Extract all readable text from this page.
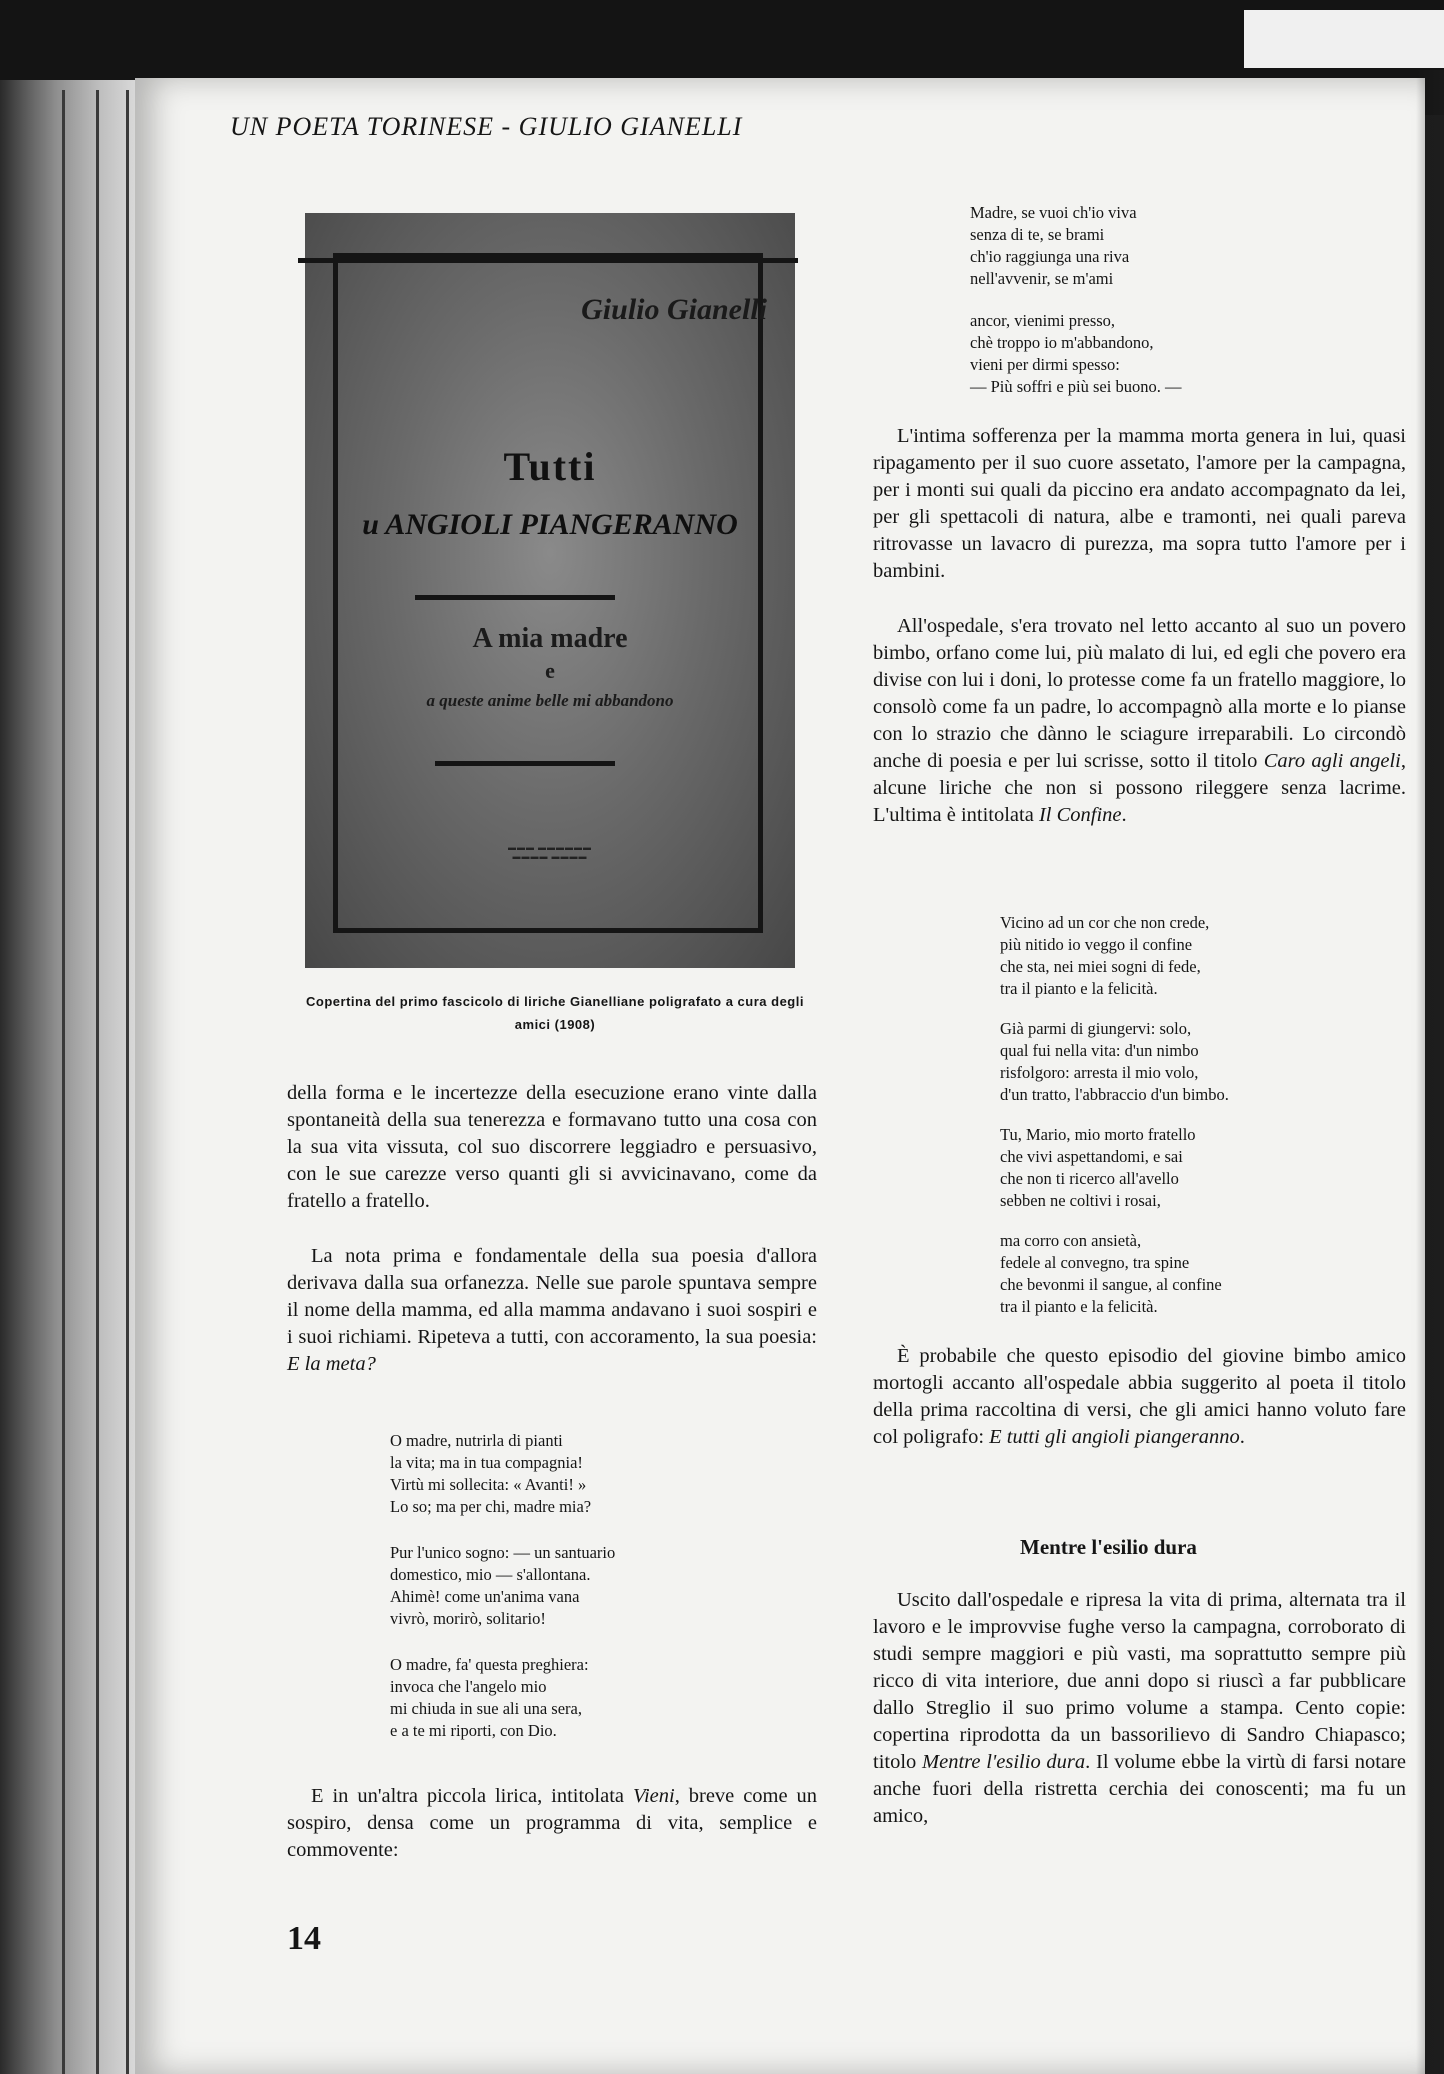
UN POETA TORINESE - GIULIO GIANELLI

Giulio Gianelli

Tutti

u ANGIOLI PIANGERANNO

A mia madre

e

a queste anime belle mi abbandono

▬▬▬ ▬▬▬▬▬▬
▬▬▬▬ ▬▬▬▬

Copertina del primo fascicolo di liriche Gianelliane poligrafato a cura degli amici (1908)

della forma e le incertezze della esecuzione erano vinte dalla spontaneità della sua tenerezza e formavano tutto una cosa con la sua vita vissuta, col suo discorrere leggiadro e persuasivo, con le sue carezze verso quanti gli si avvicinavano, come da fratello a fratello.

La nota prima e fondamentale della sua poesia d'allora derivava dalla sua orfanezza. Nelle sue parole spuntava sempre il nome della mamma, ed alla mamma andavano i suoi sospiri e i suoi richiami. Ripeteva a tutti, con accoramento, la sua poesia: E la meta?

O madre, nutrirla di pianti
la vita; ma in tua compagnia!
Virtù mi sollecita: « Avanti! »
Lo so; ma per chi, madre mia?

Pur l'unico sogno: — un santuario
domestico, mio — s'allontana.
Ahimè! come un'anima vana
vivrò, morirò, solitario!

O madre, fa' questa preghiera:
invoca che l'angelo mio
mi chiuda in sue ali una sera,
e a te mi riporti, con Dio.

E in un'altra piccola lirica, intitolata Vieni, breve come un sospiro, densa come un programma di vita, semplice e commovente:

14

Madre, se vuoi ch'io viva
senza di te, se brami
ch'io raggiunga una riva
nell'avvenir, se m'ami

ancor, vienimi presso,
chè troppo io m'abbandono,
vieni per dirmi spesso:
— Più soffri e più sei buono. —

L'intima sofferenza per la mamma morta genera in lui, quasi ripagamento per il suo cuore assetato, l'amore per la campagna, per i monti sui quali da piccino era andato accompagnato da lei, per gli spettacoli di natura, albe e tramonti, nei quali pareva ritrovasse un lavacro di purezza, ma sopra tutto l'amore per i bambini.

All'ospedale, s'era trovato nel letto accanto al suo un povero bimbo, orfano come lui, più malato di lui, ed egli che povero era divise con lui i doni, lo protesse come fa un fratello maggiore, lo consolò come fa un padre, lo accompagnò alla morte e lo pianse con lo strazio che dànno le sciagure irreparabili. Lo circondò anche di poesia e per lui scrisse, sotto il titolo Caro agli angeli, alcune liriche che non si possono rileggere senza lacrime. L'ultima è intitolata Il Confine.

Vicino ad un cor che non crede,
più nitido io veggo il confine
che sta, nei miei sogni di fede,
tra il pianto e la felicità.

Già parmi di giungervi: solo,
qual fui nella vita: d'un nimbo
risfolgoro: arresta il mio volo,
d'un tratto, l'abbraccio d'un bimbo.

Tu, Mario, mio morto fratello
che vivi aspettandomi, e sai
che non ti ricerco all'avello
sebben ne coltivi i rosai,

ma corro con ansietà,
fedele al convegno, tra spine
che bevonmi il sangue, al confine
tra il pianto e la felicità.

È probabile che questo episodio del giovine bimbo amico mortogli accanto all'ospedale abbia suggerito al poeta il titolo della prima raccoltina di versi, che gli amici hanno voluto fare col poligrafo: E tutti gli angioli piangeranno.

Mentre l'esilio dura

Uscito dall'ospedale e ripresa la vita di prima, alternata tra il lavoro e le improvvise fughe verso la campagna, corroborato di studi sempre maggiori e più vasti, ma soprattutto sempre più ricco di vita interiore, due anni dopo si riuscì a far pubblicare dallo Streglio il suo primo volume a stampa. Cento copie: copertina riprodotta da un bassorilievo di Sandro Chiapasco; titolo Mentre l'esilio dura. Il volume ebbe la virtù di farsi notare anche fuori della ristretta cerchia dei conoscenti; ma fu un amico,
